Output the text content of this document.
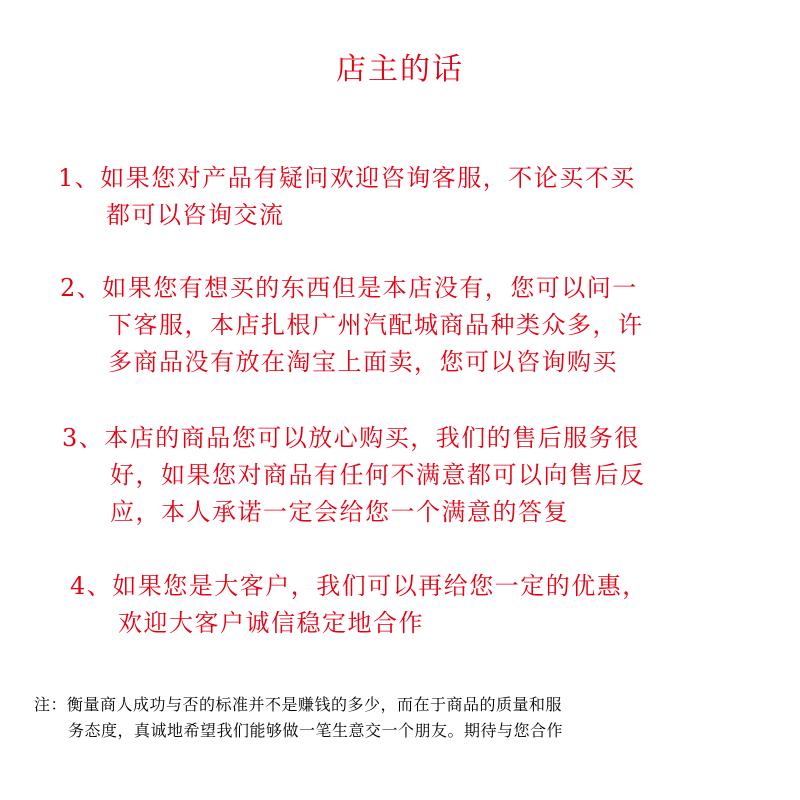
店主的话
1、如果您对产品有疑问欢迎咨询客服，不论买不买
都可以咨询交流
2、如果您有想买的东西但是本店没有，您可以问一
下客服，本店扎根广州汽配城商品种类众多，许
多商品没有放在淘宝上面卖，您可以咨询购买
3、本店的商品您可以放心购买，我们的售后服务很
好，如果您对商品有任何不满意都可以向售后反
应，本人承诺一定会给您一个满意的答复
4、如果您是大客户，我们可以再给您一定的优惠，
欢迎大客户诚信稳定地合作
注：衡量商人成功与否的标准并不是赚钱的多少，而在于商品的质量和服
务态度，真诚地希望我们能够做一笔生意交一个朋友。期待与您合作
